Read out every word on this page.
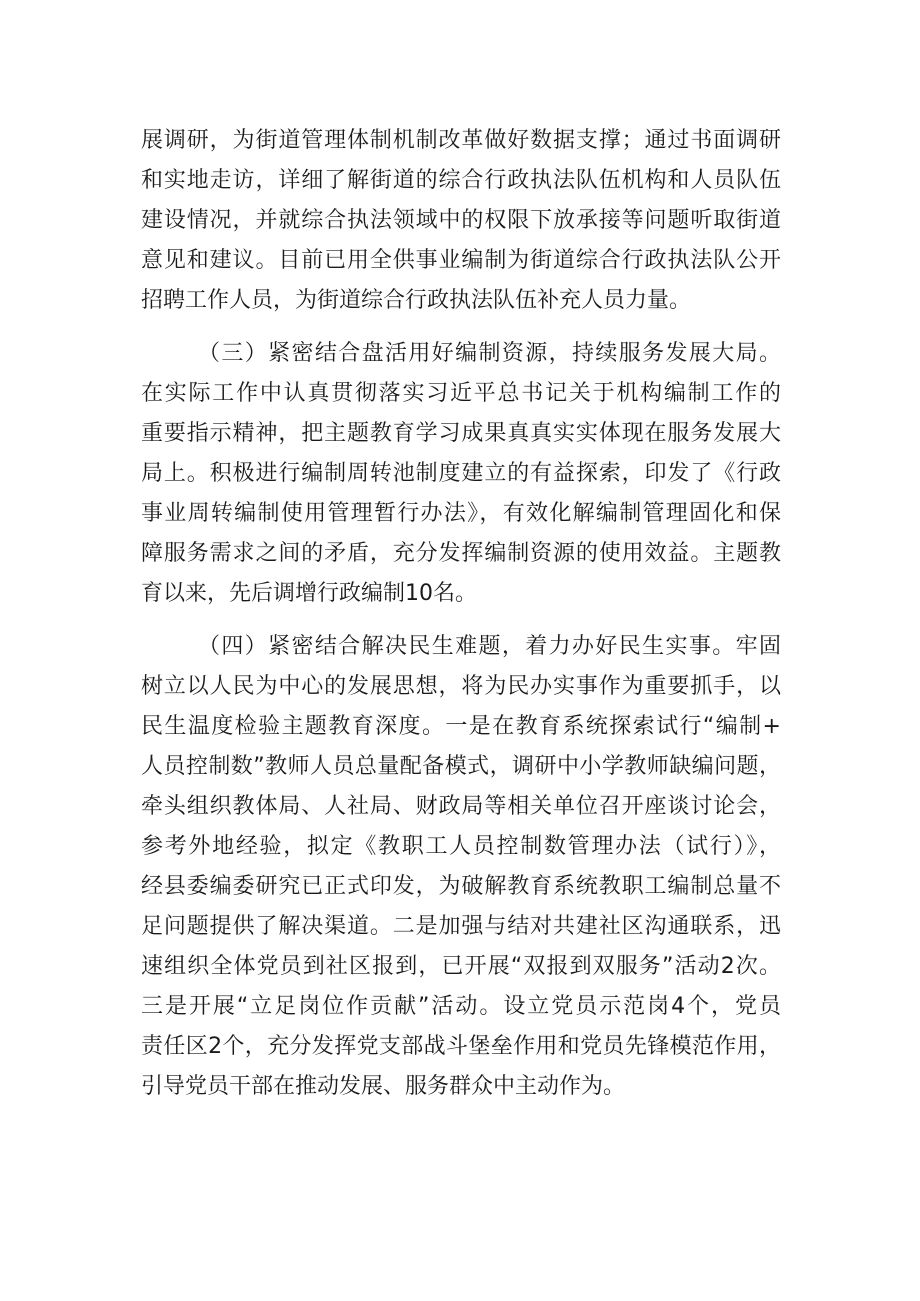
展调研，为街道管理体制机制改革做好数据支撑；通过书面调研
和实地走访，详细了解街道的综合行政执法队伍机构和人员队伍
建设情况，并就综合执法领域中的权限下放承接等问题听取街道
意见和建议。目前已用全供事业编制为街道综合行政执法队公开
招聘工作人员，为街道综合行政执法队伍补充人员力量。
（三）紧密结合盘活用好编制资源，持续服务发展大局。
在实际工作中认真贯彻落实习近平总书记关于机构编制工作的
重要指示精神，把主题教育学习成果真真实实体现在服务发展大
局上。积极进行编制周转池制度建立的有益探索，印发了《行政
事业周转编制使用管理暂行办法》，有效化解编制管理固化和保
障服务需求之间的矛盾，充分发挥编制资源的使用效益。主题教
育以来，先后调增行政编制10名。
（四）紧密结合解决民生难题，着力办好民生实事。牢固
树立以人民为中心的发展思想，将为民办实事作为重要抓手，以
民生温度检验主题教育深度。一是在教育系统探索试行“编制+
人员控制数”教师人员总量配备模式，调研中小学教师缺编问题，
牵头组织教体局、人社局、财政局等相关单位召开座谈讨论会，
参考外地经验，拟定《教职工人员控制数管理办法（试行）》，
经县委编委研究已正式印发，为破解教育系统教职工编制总量不
足问题提供了解决渠道。二是加强与结对共建社区沟通联系，迅
速组织全体党员到社区报到，已开展“双报到双服务”活动2次。
三是开展“立足岗位作贡献”活动。设立党员示范岗4个，党员
责任区2个，充分发挥党支部战斗堡垒作用和党员先锋模范作用，
引导党员干部在推动发展、服务群众中主动作为。
